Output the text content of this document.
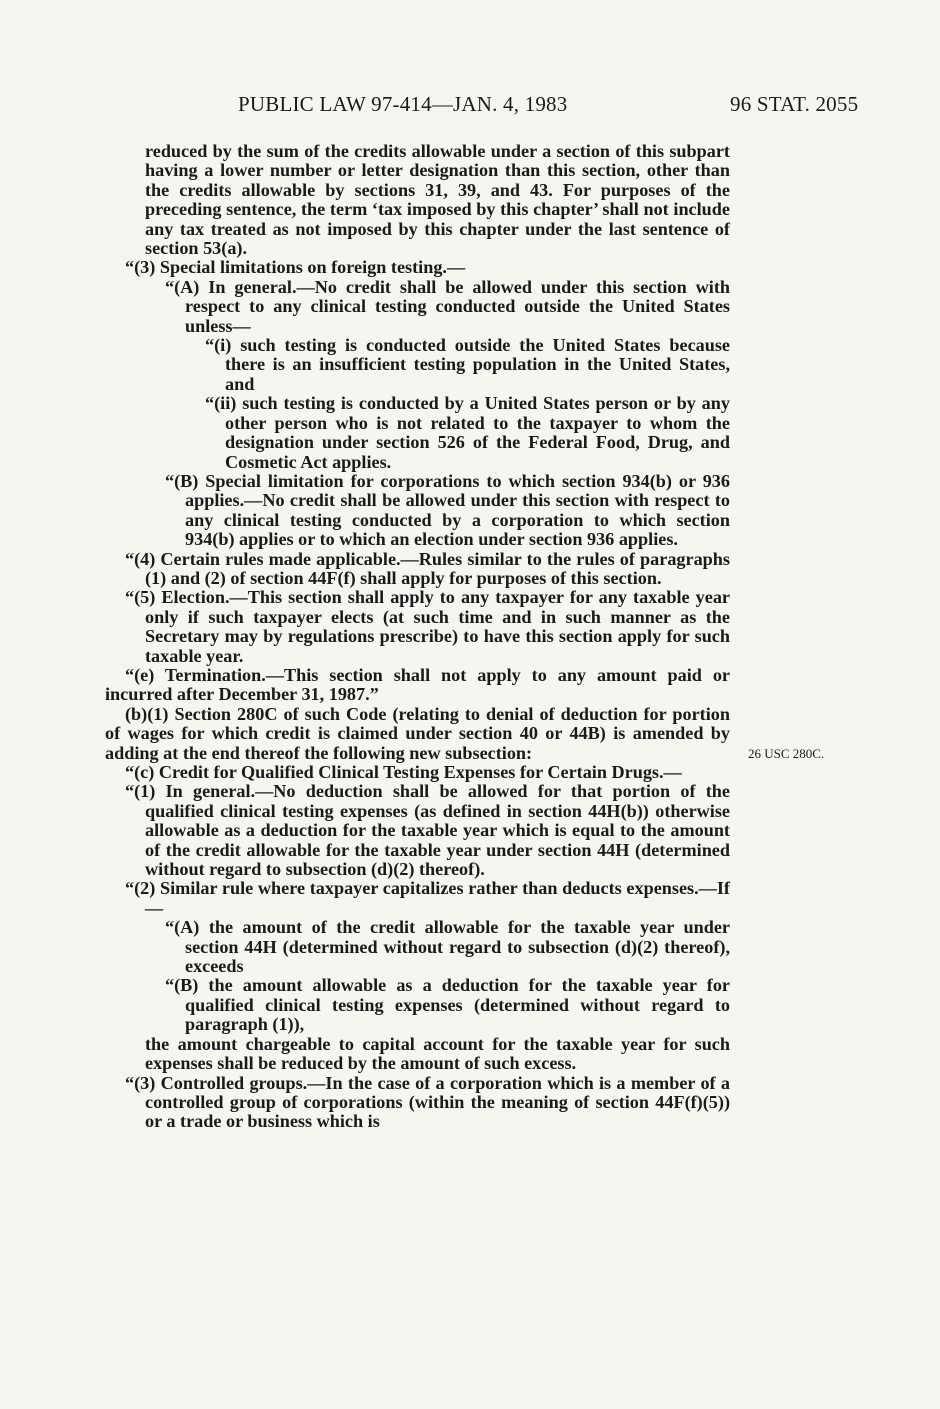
PUBLIC LAW 97-414—JAN. 4, 1983	96 STAT. 2055
26 USC 280C.

reduced by the sum of the credits allowable under a section of this subpart having a lower number or letter designation than this section, other than the credits allowable by sections 31, 39, and 43. For purposes of the preceding sentence, the term ‘tax imposed by this chapter’ shall not include any tax treated as not imposed by this chapter under the last sentence of section 53(a).

“(3) Special limitations on foreign testing.—

“(A) In general.—No credit shall be allowed under this section with respect to any clinical testing conducted outside the United States unless—

“(i) such testing is conducted outside the United States because there is an insufficient testing population in the United States, and

“(ii) such testing is conducted by a United States person or by any other person who is not related to the taxpayer to whom the designation under section 526 of the Federal Food, Drug, and Cosmetic Act applies.

“(B) Special limitation for corporations to which section 934(b) or 936 applies.—No credit shall be allowed under this section with respect to any clinical testing conducted by a corporation to which section 934(b) applies or to which an election under section 936 applies.

“(4) Certain rules made applicable.—Rules similar to the rules of paragraphs (1) and (2) of section 44F(f) shall apply for purposes of this section.

“(5) Election.—This section shall apply to any taxpayer for any taxable year only if such taxpayer elects (at such time and in such manner as the Secretary may by regulations prescribe) to have this section apply for such taxable year.

“(e) Termination.—This section shall not apply to any amount paid or incurred after December 31, 1987.”

(b)(1) Section 280C of such Code (relating to denial of deduction for portion of wages for which credit is claimed under section 40 or 44B) is amended by adding at the end thereof the following new subsection:

“(c) Credit for Qualified Clinical Testing Expenses for Certain Drugs.—

“(1) In general.—No deduction shall be allowed for that portion of the qualified clinical testing expenses (as defined in section 44H(b)) otherwise allowable as a deduction for the taxable year which is equal to the amount of the credit allowable for the taxable year under section 44H (determined without regard to subsection (d)(2) thereof).

“(2) Similar rule where taxpayer capitalizes rather than deducts expenses.—If—

“(A) the amount of the credit allowable for the taxable year under section 44H (determined without regard to subsection (d)(2) thereof), exceeds

“(B) the amount allowable as a deduction for the taxable year for qualified clinical testing expenses (determined without regard to paragraph (1)),

the amount chargeable to capital account for the taxable year for such expenses shall be reduced by the amount of such excess.

“(3) Controlled groups.—In the case of a corporation which is a member of a controlled group of corporations (within the meaning of section 44F(f)(5)) or a trade or business which is
